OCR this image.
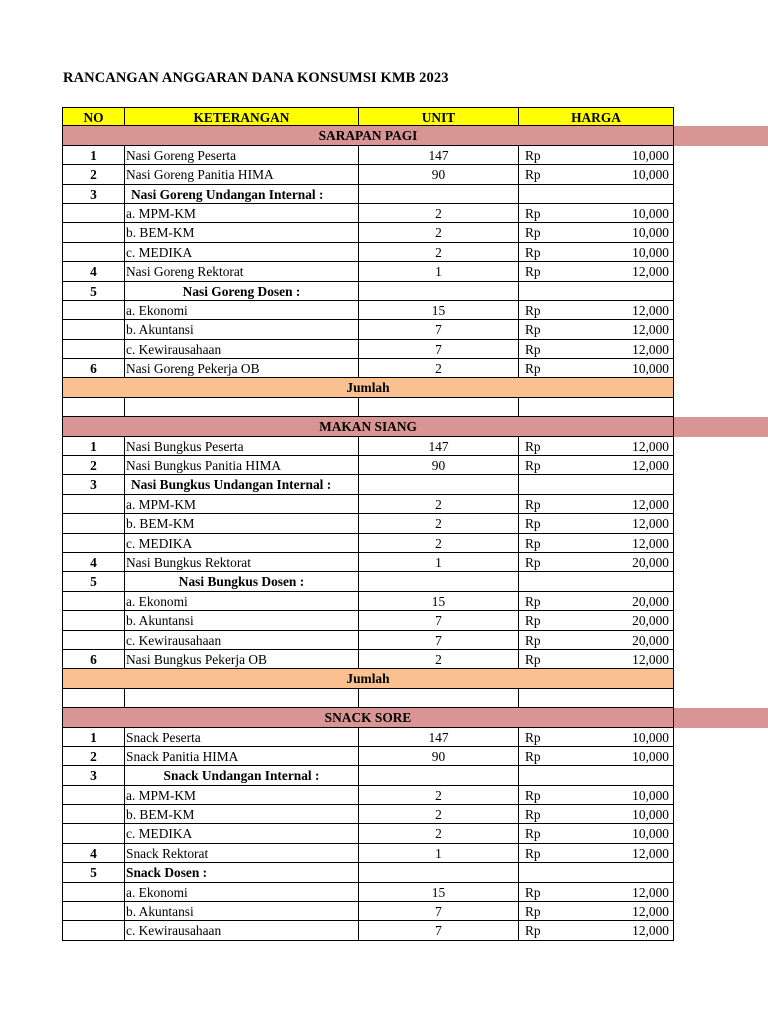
RANCANGAN ANGGARAN DANA KONSUMSI KMB 2023
NO	KETERANGAN	UNIT	HARGA
SARAPAN PAGI
1	Nasi Goreng Peserta	147	Rp	10,000
2	Nasi Goreng Panitia HIMA	90	Rp	10,000
3	Nasi Goreng Undangan Internal :
a. MPM-KM	2	Rp	10,000
b. BEM-KM	2	Rp	10,000
c. MEDIKA	2	Rp	10,000
4	Nasi Goreng Rektorat	1	Rp	12,000
5	Nasi Goreng Dosen :
a. Ekonomi	15	Rp	12,000
b. Akuntansi	7	Rp	12,000
c. Kewirausahaan	7	Rp	12,000
6	Nasi Goreng Pekerja OB	2	Rp	10,000
Jumlah
MAKAN SIANG
1	Nasi Bungkus Peserta	147	Rp	12,000
2	Nasi Bungkus Panitia HIMA	90	Rp	12,000
3	Nasi Bungkus Undangan Internal :
a. MPM-KM	2	Rp	12,000
b. BEM-KM	2	Rp	12,000
c. MEDIKA	2	Rp	12,000
4	Nasi Bungkus Rektorat	1	Rp	20,000
5	Nasi Bungkus Dosen :
a. Ekonomi	15	Rp	20,000
b. Akuntansi	7	Rp	20,000
c. Kewirausahaan	7	Rp	20,000
6	Nasi Bungkus Pekerja OB	2	Rp	12,000
Jumlah
SNACK SORE
1	Snack Peserta	147	Rp	10,000
2	Snack Panitia HIMA	90	Rp	10,000
3	Snack Undangan Internal :
a. MPM-KM	2	Rp	10,000
b. BEM-KM	2	Rp	10,000
c. MEDIKA	2	Rp	10,000
4	Snack Rektorat	1	Rp	12,000
5	Snack Dosen :
a. Ekonomi	15	Rp	12,000
b. Akuntansi	7	Rp	12,000
c. Kewirausahaan	7	Rp	12,000
